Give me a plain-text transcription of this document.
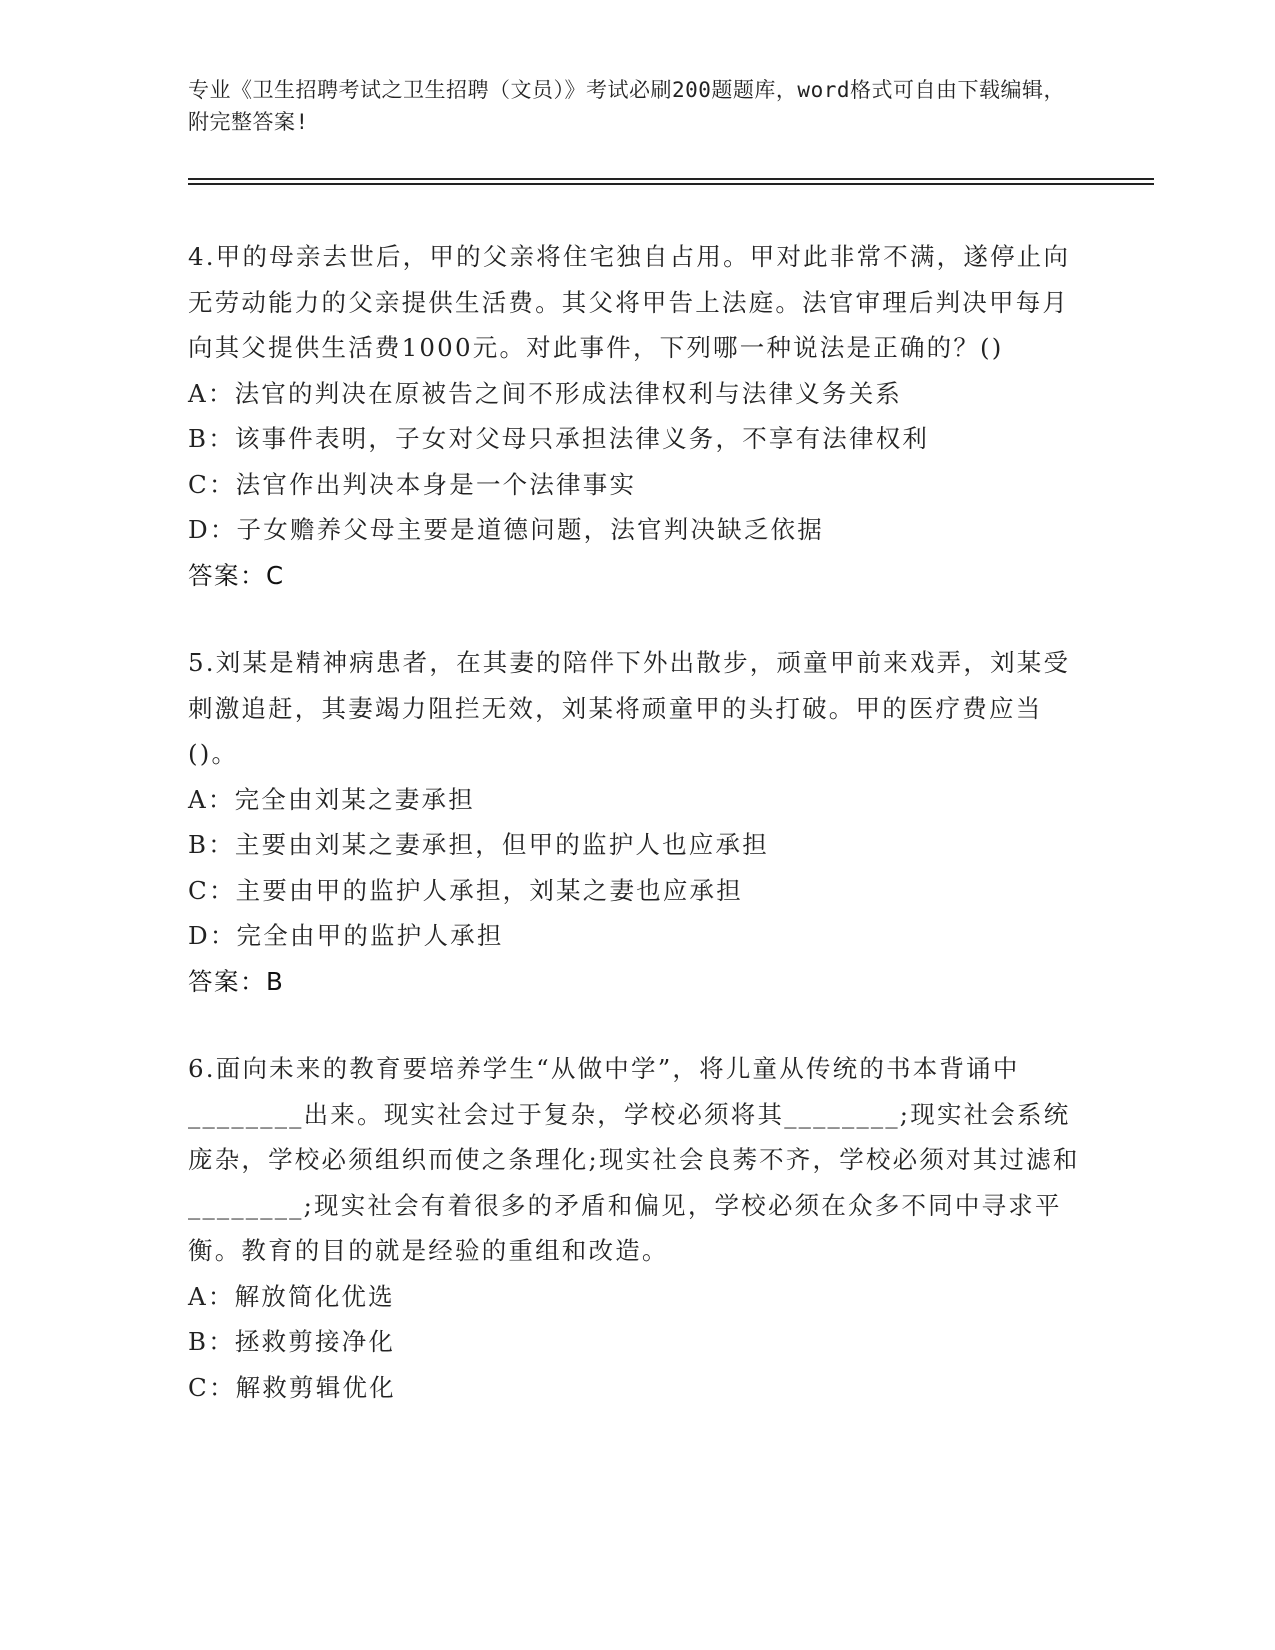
专业《卫生招聘考试之卫生招聘（文员）》考试必刷200题题库，word格式可自由下载编辑，附完整答案!

4.甲的母亲去世后，甲的父亲将住宅独自占用。甲对此非常不满，遂停止向无劳动能力的父亲提供生活费。其父将甲告上法庭。法官审理后判决甲每月向其父提供生活费1000元。对此事件，下列哪一种说法是正确的？()

A：法官的判决在原被告之间不形成法律权利与法律义务关系

B：该事件表明，子女对父母只承担法律义务，不享有法律权利

C：法官作出判决本身是一个法律事实

D：子女赡养父母主要是道德问题，法官判决缺乏依据

答案：C

5.刘某是精神病患者，在其妻的陪伴下外出散步，顽童甲前来戏弄，刘某受刺激追赶，其妻竭力阻拦无效，刘某将顽童甲的头打破。甲的医疗费应当()。

A：完全由刘某之妻承担

B：主要由刘某之妻承担，但甲的监护人也应承担

C：主要由甲的监护人承担，刘某之妻也应承担

D：完全由甲的监护人承担

答案：B

6.面向未来的教育要培养学生“从做中学”，将儿童从传统的书本背诵中________出来。现实社会过于复杂，学校必须将其________;现实社会系统庞杂，学校必须组织而使之条理化;现实社会良莠不齐，学校必须对其过滤和________;现实社会有着很多的矛盾和偏见，学校必须在众多不同中寻求平衡。教育的目的就是经验的重组和改造。

A：解放简化优选

B：拯救剪接净化

C：解救剪辑优化
